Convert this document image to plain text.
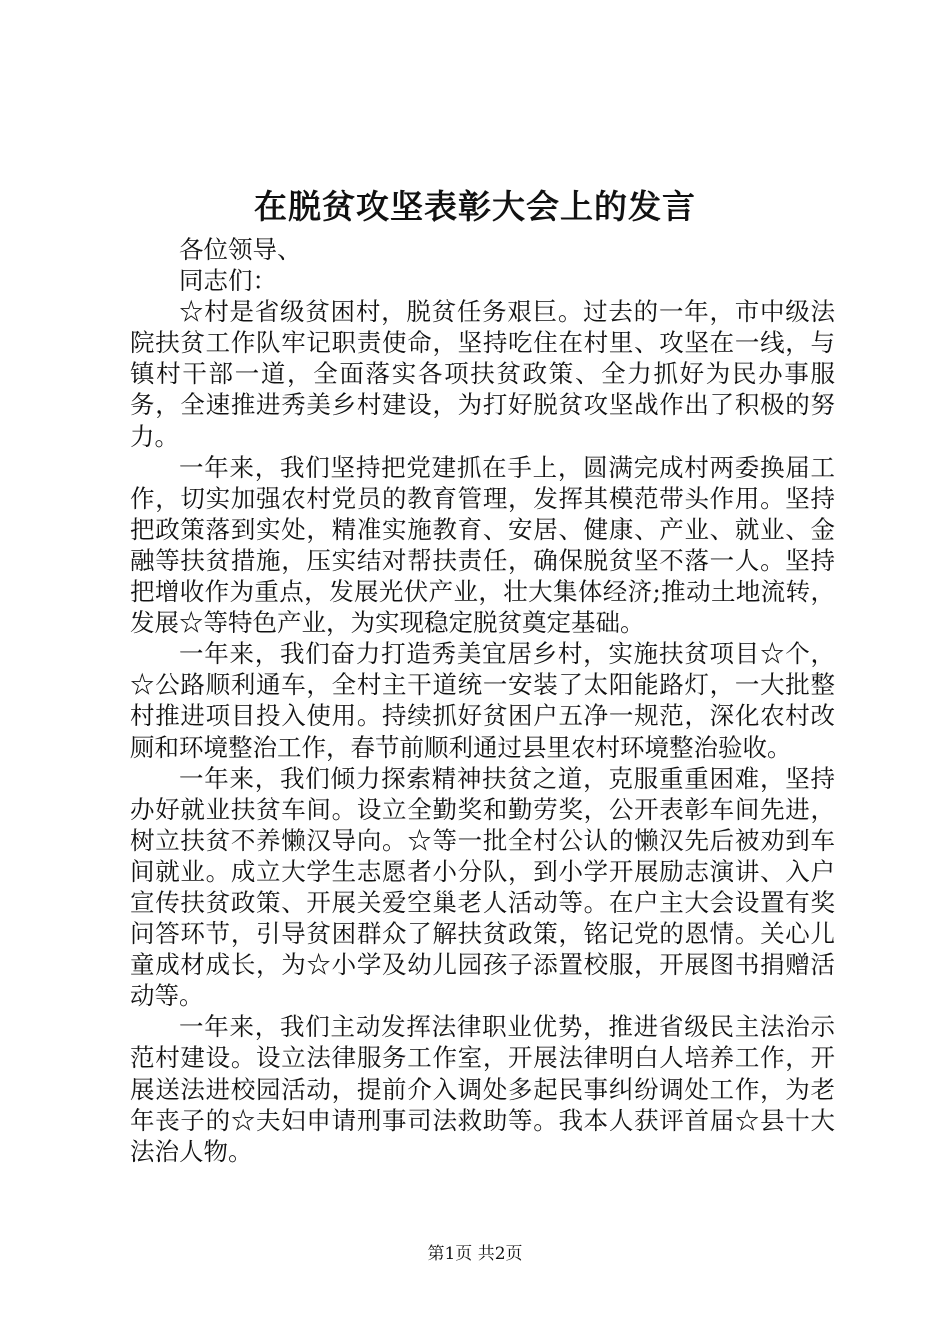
在脱贫攻坚表彰大会上的发言

各位领导、

同志们：

☆村是省级贫困村，脱贫任务艰巨。过去的一年，市中级法院扶贫工作队牢记职责使命，坚持吃住在村里、攻坚在一线，与镇村干部一道，全面落实各项扶贫政策、全力抓好为民办事服务，全速推进秀美乡村建设，为打好脱贫攻坚战作出了积极的努力。

一年来，我们坚持把党建抓在手上，圆满完成村两委换届工作，切实加强农村党员的教育管理，发挥其模范带头作用。坚持把政策落到实处，精准实施教育、安居、健康、产业、就业、金融等扶贫措施，压实结对帮扶责任，确保脱贫坚不落一人。坚持把增收作为重点，发展光伏产业，壮大集体经济;推动土地流转，发展☆等特色产业，为实现稳定脱贫奠定基础。

一年来，我们奋力打造秀美宜居乡村，实施扶贫项目☆个，☆公路顺利通车，全村主干道统一安装了太阳能路灯，一大批整村推进项目投入使用。持续抓好贫困户五净一规范，深化农村改厕和环境整治工作，春节前顺利通过县里农村环境整治验收。

一年来，我们倾力探索精神扶贫之道，克服重重困难，坚持办好就业扶贫车间。设立全勤奖和勤劳奖，公开表彰车间先进，树立扶贫不养懒汉导向。☆等一批全村公认的懒汉先后被劝到车间就业。成立大学生志愿者小分队，到小学开展励志演讲、入户宣传扶贫政策、开展关爱空巢老人活动等。在户主大会设置有奖问答环节，引导贫困群众了解扶贫政策，铭记党的恩情。关心儿童成材成长，为☆小学及幼儿园孩子添置校服，开展图书捐赠活动等。

一年来，我们主动发挥法律职业优势，推进省级民主法治示范村建设。设立法律服务工作室，开展法律明白人培养工作，开展送法进校园活动，提前介入调处多起民事纠纷调处工作，为老年丧子的☆夫妇申请刑事司法救助等。我本人获评首届☆县十大法治人物。

第1页 共2页
